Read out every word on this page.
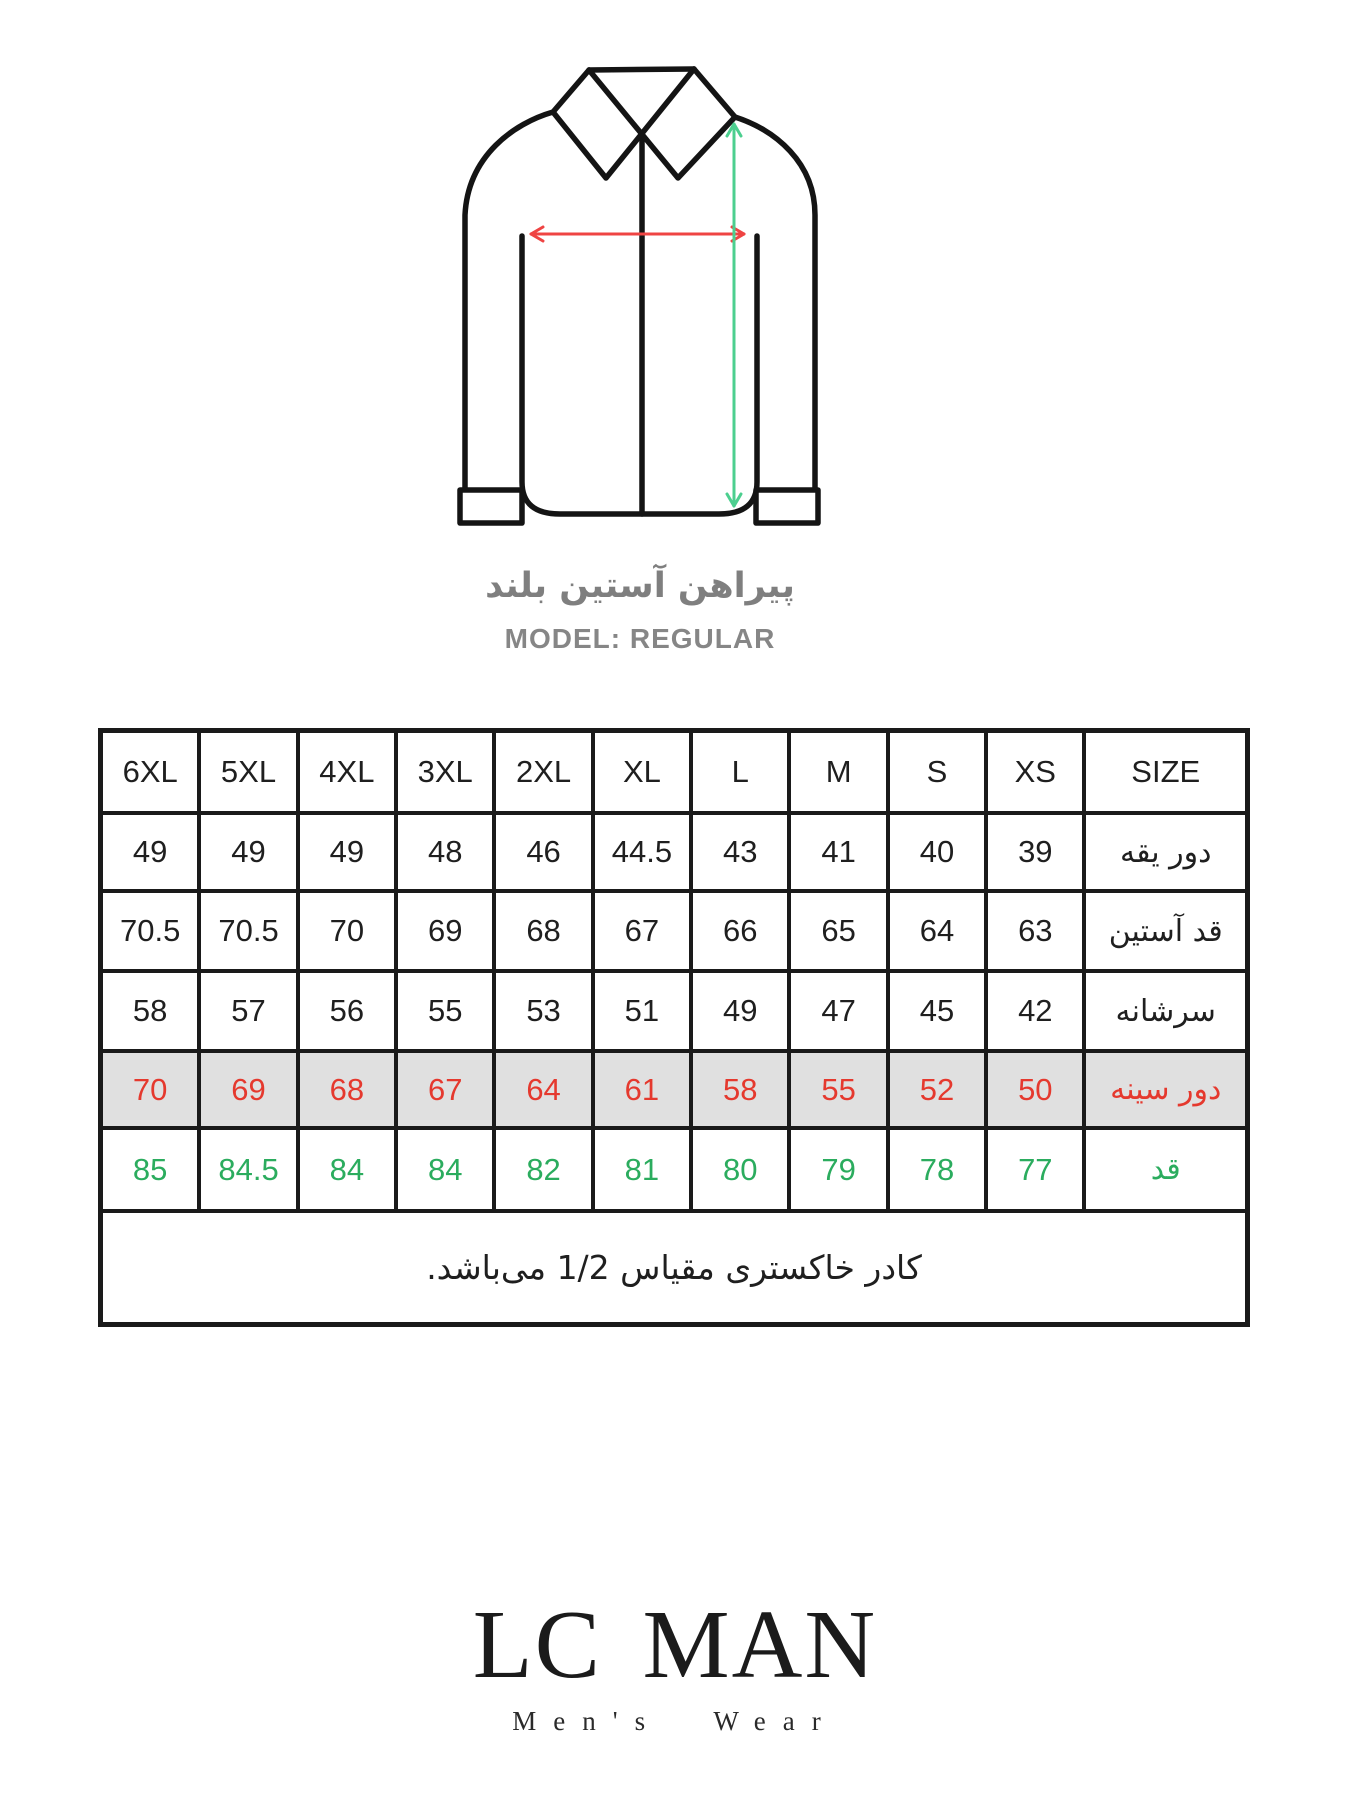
پیراهن آستین بلند
MODEL: REGULAR
6XL	5XL	4XL	3XL	2XL	XL	L	M	S	XS	SIZE
49	49	49	48	46	44.5	43	41	40	39	دور یقه
70.5	70.5	70	69	68	67	66	65	64	63	قد آستین
58	57	56	55	53	51	49	47	45	42	سرشانه
70	69	68	67	64	61	58	55	52	50	دور سینه
85	84.5	84	84	82	81	80	79	78	77	قد
کادر خاکستری مقیاس 1/2 می‌باشد.
LC MAN
Men's Wear
